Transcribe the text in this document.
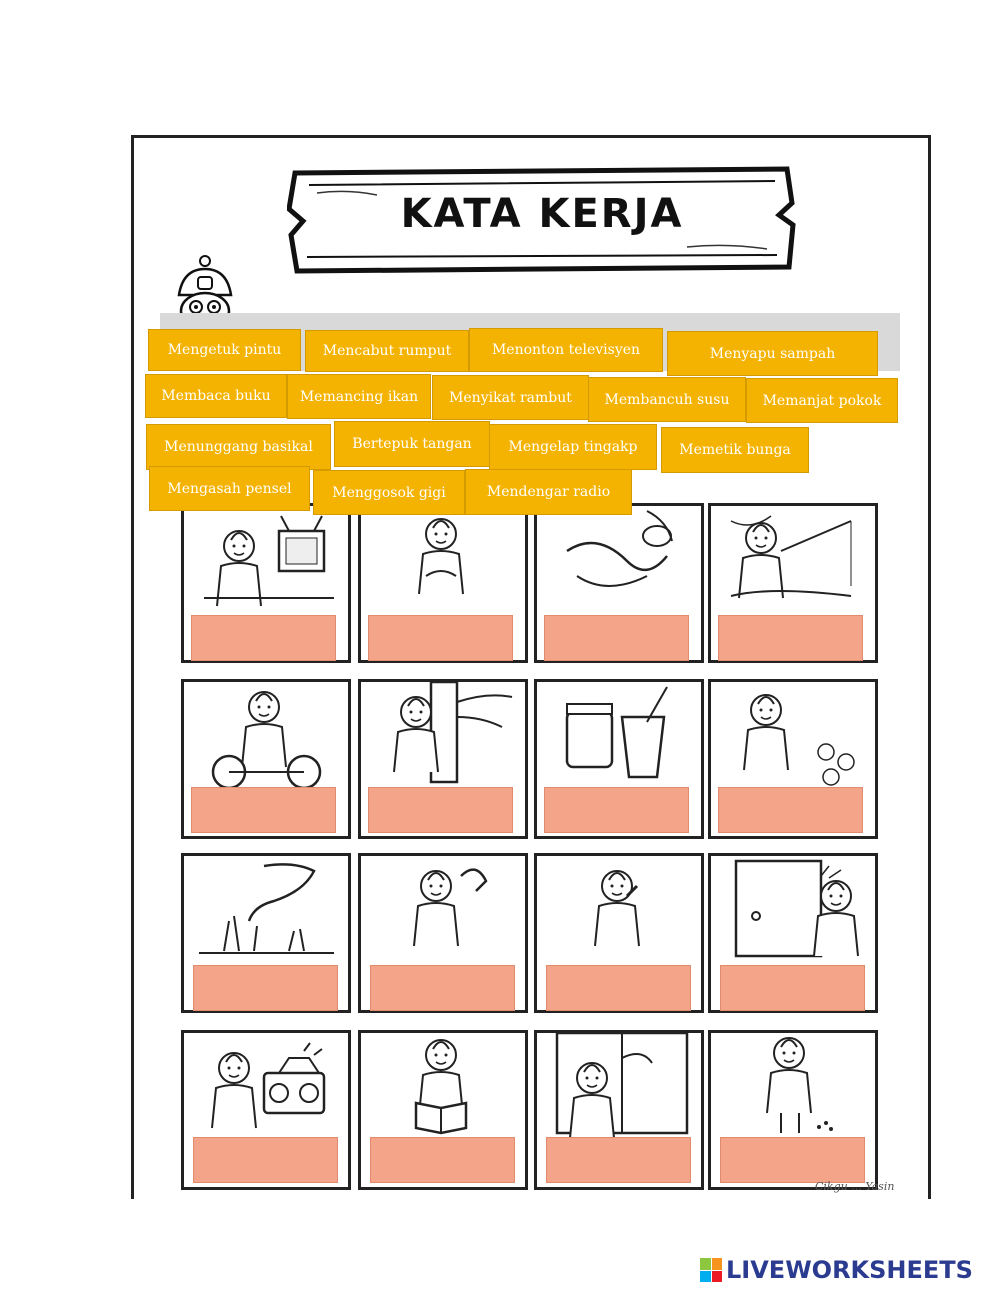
KATA KERJA
Mengetuk pintu	Mencabut rumput	Menonton televisyen	Menyapu sampah
Membaca buku	Memancing ikan	Menyikat rambut	Membancuh susu	Memanjat pokok
Menunggang basikal	Bertepuk tangan	Mengelap tingakp	Memetik bunga
Mengasah pensel	Menggosok gigi	Mendengar radio
Cikgu ... Yasin
LIVEWORKSHEETS
